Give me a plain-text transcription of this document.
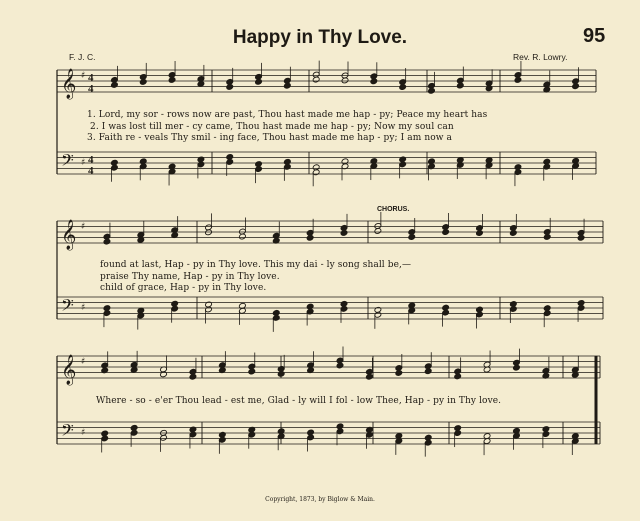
Happy in Thy Love.	95
F. J. C.	Rev. R. Lowry.
𝄞
𝄢
♯
♯
4
4
4
4
𝄞
𝄢
♯
♯
𝄞
𝄢
♯
♯
1. Lord, my sor - rows now are past, Thou hast made me hap - py; Peace my heart has
2. I was lost till mer - cy came, Thou hast made me hap - py; Now my soul can
3. Faith re - veals Thy smil - ing face, Thou hast made me hap - py; I am now a
CHORUS.
found at last, Hap - py in Thy love. This my dai - ly song shall be,—
praise Thy name, Hap - py in Thy love.
child of grace, Hap - py in Thy love.
Where - so - e'er Thou lead - est me, Glad - ly will I fol - low Thee, Hap - py in Thy love.
Copyright, 1873, by Biglow & Main.
